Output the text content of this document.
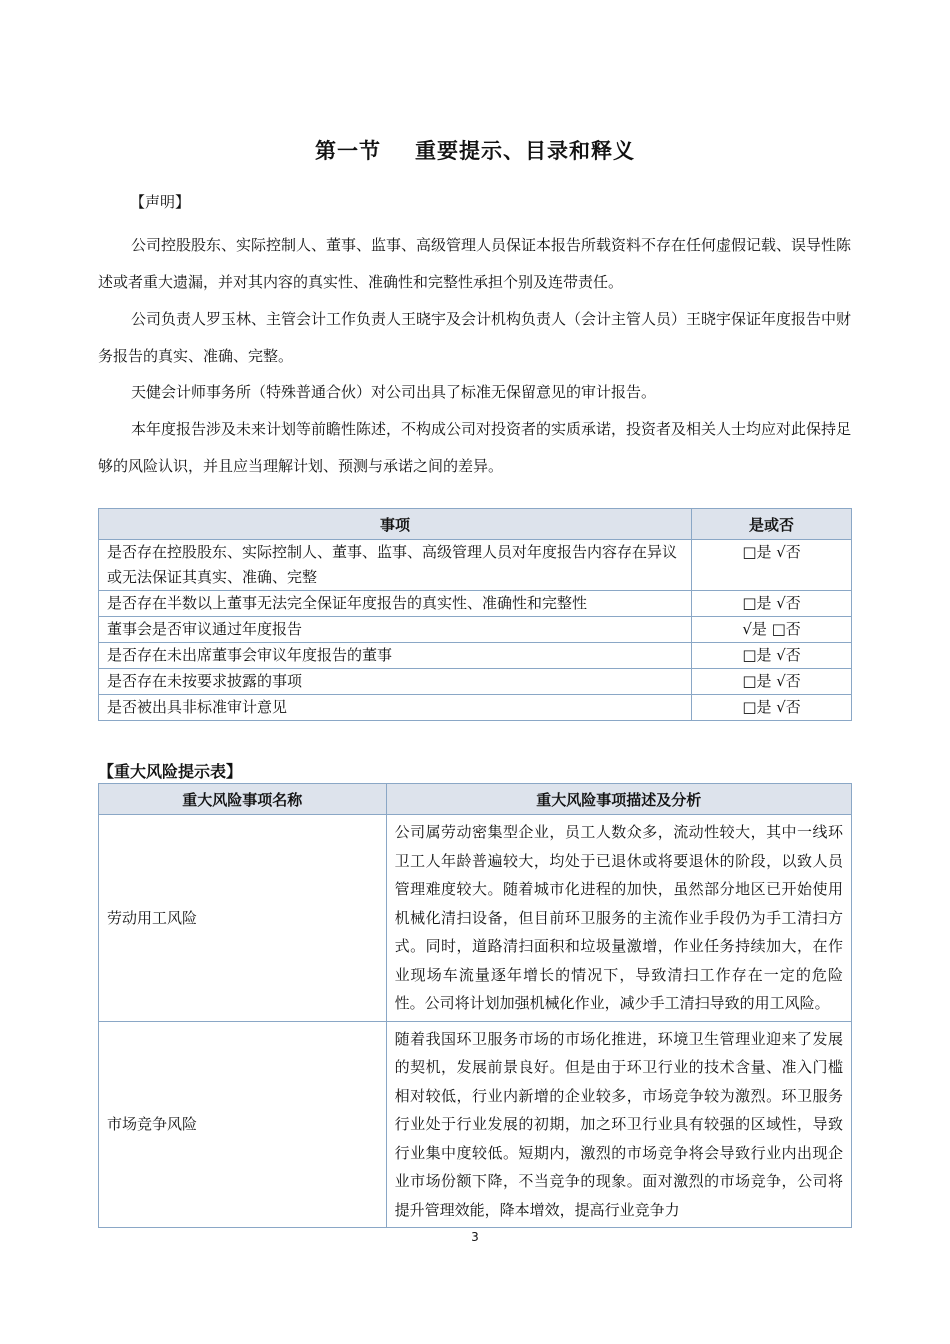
第一节 重要提示、目录和释义
【声明】
公司控股股东、实际控制人、董事、监事、高级管理人员保证本报告所载资料不存在任何虚假记载、误导性陈述或者重大遗漏，并对其内容的真实性、准确性和完整性承担个别及连带责任。
公司负责人罗玉林、主管会计工作负责人王晓宇及会计机构负责人（会计主管人员）王晓宇保证年度报告中财务报告的真实、准确、完整。
天健会计师事务所（特殊普通合伙）对公司出具了标准无保留意见的审计报告。
本年度报告涉及未来计划等前瞻性陈述，不构成公司对投资者的实质承诺，投资者及相关人士均应对此保持足够的风险认识，并且应当理解计划、预测与承诺之间的差异。
事项	是或否
是否存在控股股东、实际控制人、董事、监事、高级管理人员对年度报告内容存在异议或无法保证其真实、准确、完整	□是 √否
是否存在半数以上董事无法完全保证年度报告的真实性、准确性和完整性	□是 √否
董事会是否审议通过年度报告	√是 □否
是否存在未出席董事会审议年度报告的董事	□是 √否
是否存在未按要求披露的事项	□是 √否
是否被出具非标准审计意见	□是 √否
【重大风险提示表】
重大风险事项名称	重大风险事项描述及分析
劳动用工风险	公司属劳动密集型企业，员工人数众多，流动性较大，其中一线环卫工人年龄普遍较大，均处于已退休或将要退休的阶段，以致人员管理难度较大。随着城市化进程的加快，虽然部分地区已开始使用机械化清扫设备，但目前环卫服务的主流作业手段仍为手工清扫方式。同时，道路清扫面积和垃圾量激增，作业任务持续加大，在作业现场车流量逐年增长的情况下，导致清扫工作存在一定的危险性。公司将计划加强机械化作业，减少手工清扫导致的用工风险。
市场竞争风险	随着我国环卫服务市场的市场化推进，环境卫生管理业迎来了发展的契机，发展前景良好。但是由于环卫行业的技术含量、准入门槛相对较低，行业内新增的企业较多，市场竞争较为激烈。环卫服务行业处于行业发展的初期，加之环卫行业具有较强的区域性，导致行业集中度较低。短期内，激烈的市场竞争将会导致行业内出现企业市场份额下降，不当竞争的现象。面对激烈的市场竞争，公司将提升管理效能，降本增效，提高行业竞争力
3
